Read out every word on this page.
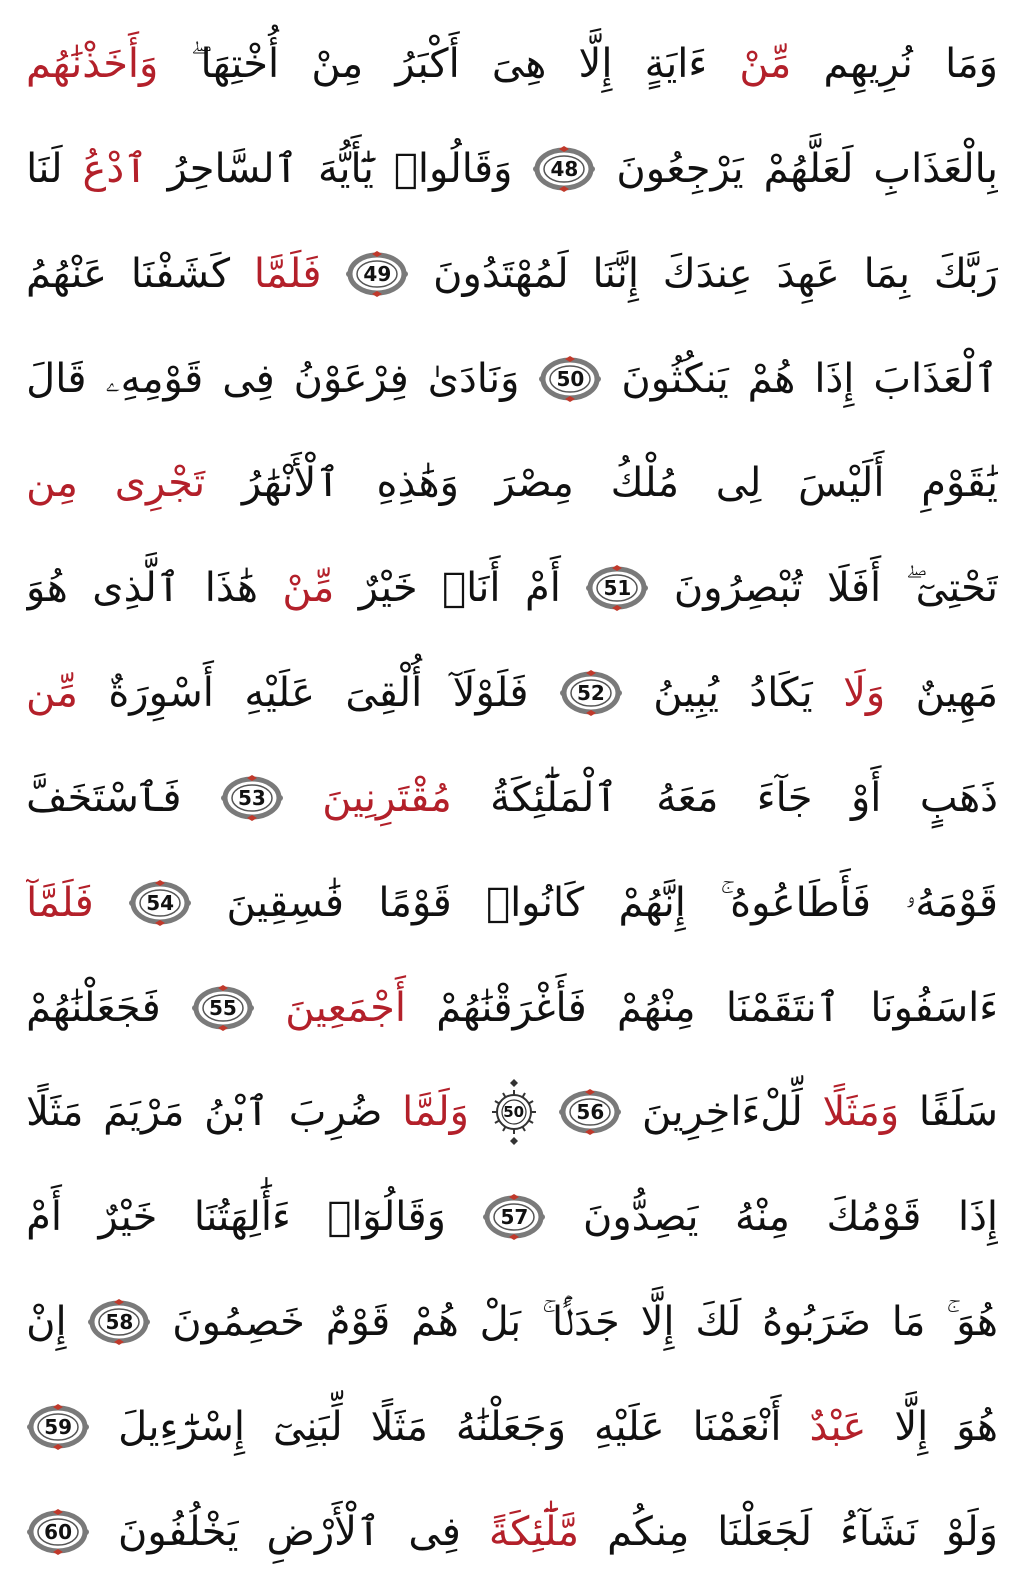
وَمَا
نُرِيهِم
مِّنْ
ءَايَةٍ
إِلَّا
هِىَ
أَكْبَرُ
مِنْ
أُخْتِهَا ۖ
وَأَخَذْنَٰهُم
بِالْعَذَابِ
لَعَلَّهُمْ
يَرْجِعُونَ
48
وَقَالُوا۟
يَٰٓأَيُّهَ
ٱلسَّاحِرُ
ٱدْعُ
لَنَا
رَبَّكَ
بِمَا
عَهِدَ
عِندَكَ
إِنَّنَا
لَمُهْتَدُونَ
49
فَلَمَّا
كَشَفْنَا
عَنْهُمُ
ٱلْعَذَابَ
إِذَا
هُمْ
يَنكُثُونَ
50
وَنَادَىٰ
فِرْعَوْنُ
فِى
قَوْمِهِۦ
قَالَ
يَٰقَوْمِ
أَلَيْسَ
لِى
مُلْكُ
مِصْرَ
وَهَٰذِهِ
ٱلْأَنْهَٰرُ
تَجْرِى
مِن
تَحْتِىٓ ۖ
أَفَلَا
تُبْصِرُونَ
51
أَمْ
أَنَا۠
خَيْرٌ
مِّنْ
هَٰذَا
ٱلَّذِى
هُوَ
مَهِينٌ
وَلَا
يَكَادُ
يُبِينُ
52
فَلَوْلَآ
أُلْقِىَ
عَلَيْهِ
أَسْوِرَةٌ
مِّن
ذَهَبٍ
أَوْ
جَآءَ
مَعَهُ
ٱلْمَلَٰٓئِكَةُ
مُقْتَرِنِينَ
53
فَٱسْتَخَفَّ
قَوْمَهُۥ
فَأَطَاعُوهُ ۚ
إِنَّهُمْ
كَانُوا۟
قَوْمًا
فَٰسِقِينَ
54
فَلَمَّآ
ءَاسَفُونَا
ٱنتَقَمْنَا
مِنْهُمْ
فَأَغْرَقْنَٰهُمْ
أَجْمَعِينَ
55
فَجَعَلْنَٰهُمْ
سَلَفًا
وَمَثَلًا
لِّلْءَاخِرِينَ
56
50
وَلَمَّا
ضُرِبَ
ٱبْنُ
مَرْيَمَ
مَثَلًا
إِذَا
قَوْمُكَ
مِنْهُ
يَصِدُّونَ
57
وَقَالُوٓا۟
ءَأَٰلِهَتُنَا
خَيْرٌ
أَمْ
هُوَ ۚ
مَا
ضَرَبُوهُ
لَكَ
إِلَّا
جَدَلًۢا ۚ
بَلْ
هُمْ
قَوْمٌ
خَصِمُونَ
58
إِنْ
هُوَ
إِلَّا
عَبْدٌ
أَنْعَمْنَا
عَلَيْهِ
وَجَعَلْنَٰهُ
مَثَلًا
لِّبَنِىٓ
إِسْرَٰٓءِيلَ
59
وَلَوْ
نَشَآءُ
لَجَعَلْنَا
مِنكُم
مَّلَٰٓئِكَةً
فِى
ٱلْأَرْضِ
يَخْلُفُونَ
60
